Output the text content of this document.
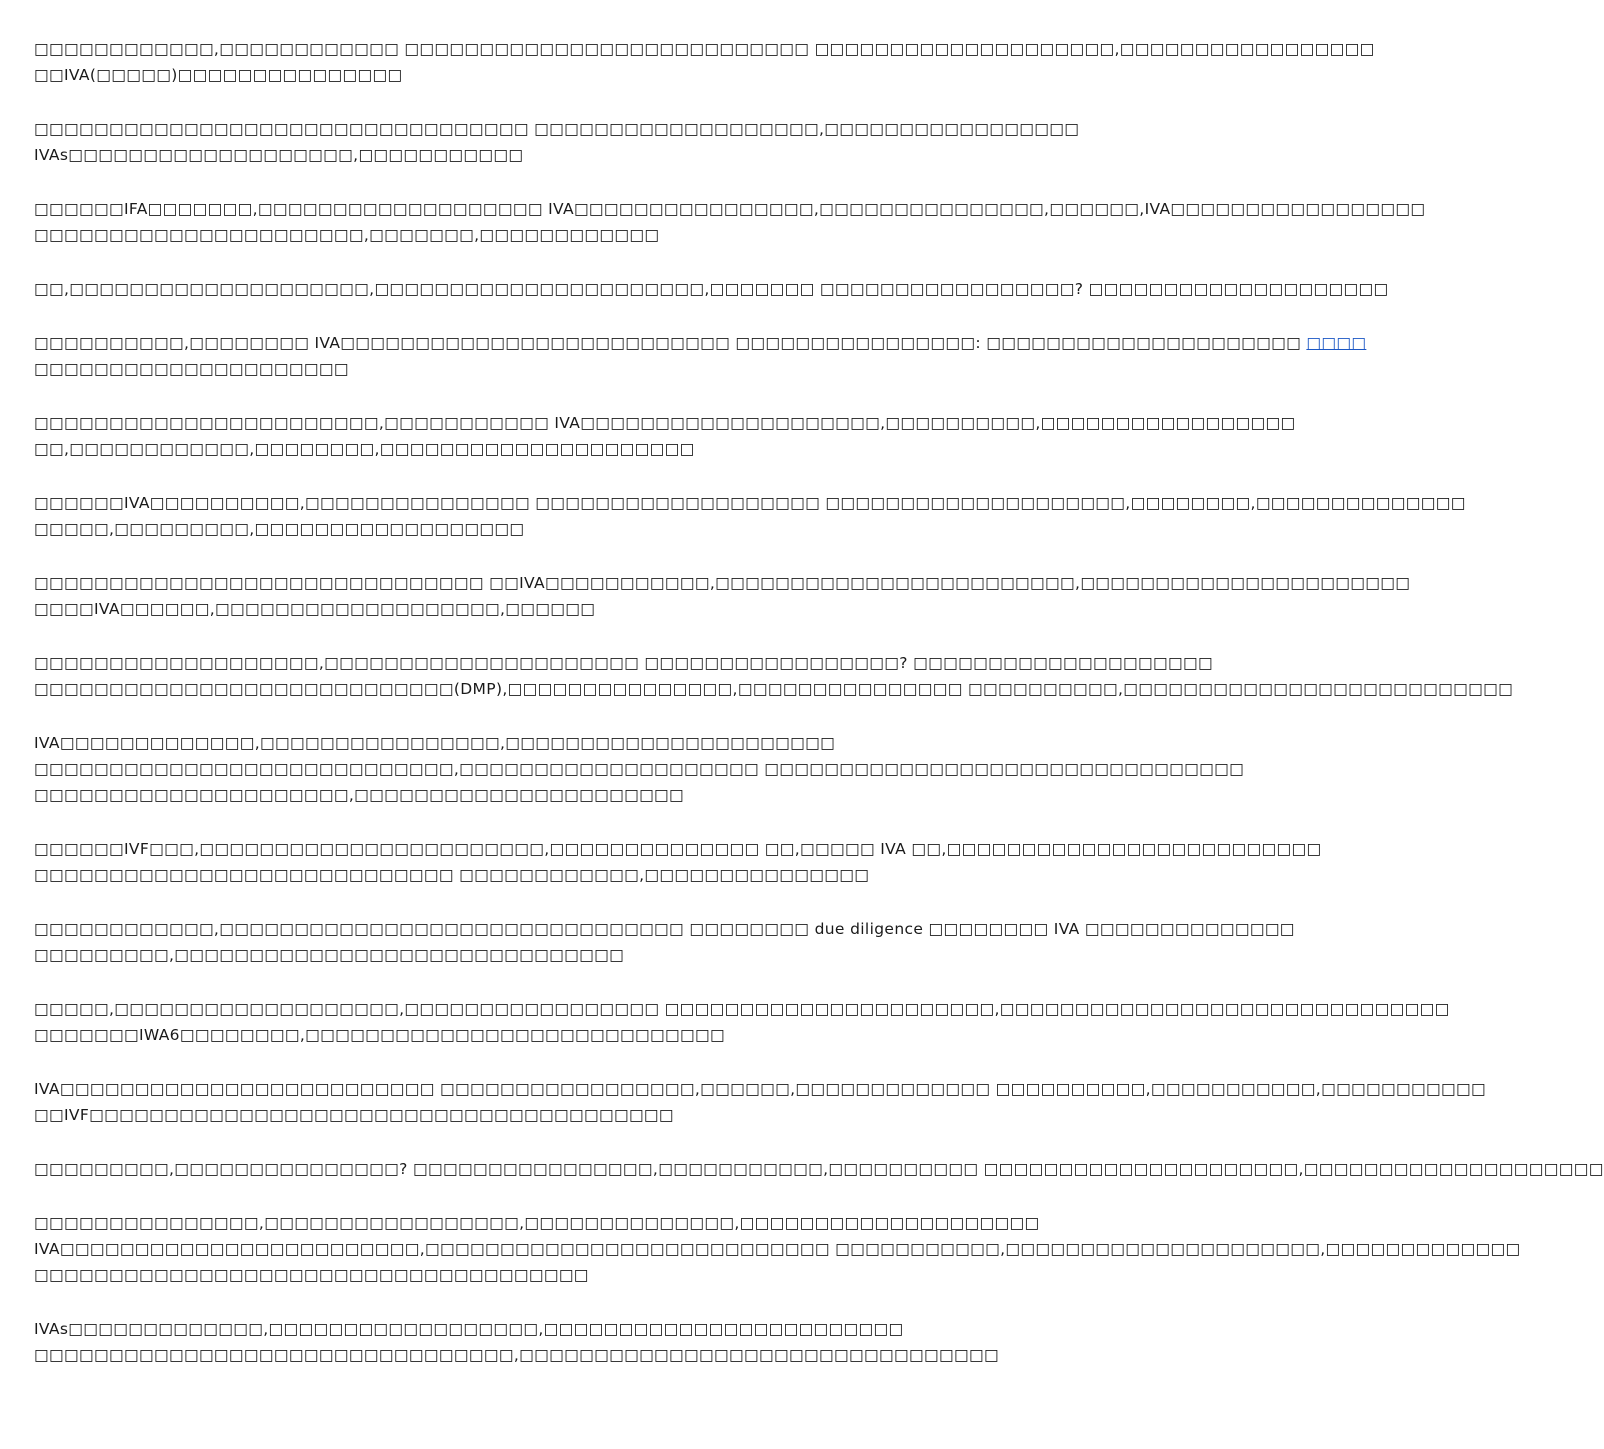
□□□□□□□□□□□□,□□□□□□□□□□□□ □□□□□□□□□□□□□□□□□□□□□□□□□□□ □□□□□□□□□□□□□□□□□□□□,□□□□□□□□□□□□□□□□□
□□IVA(□□□□□)□□□□□□□□□□□□□□□

□□□□□□□□□□□□□□□□□□□□□□□□□□□□□□□□□ □□□□□□□□□□□□□□□□□□□,□□□□□□□□□□□□□□□□□
IVAs□□□□□□□□□□□□□□□□□□□,□□□□□□□□□□□

□□□□□□IFA□□□□□□□,□□□□□□□□□□□□□□□□□□□ IVA□□□□□□□□□□□□□□□□,□□□□□□□□□□□□□□□,□□□□□□,IVA□□□□□□□□□□□□□□□□□
□□□□□□□□□□□□□□□□□□□□□□,□□□□□□□,□□□□□□□□□□□□

□□,□□□□□□□□□□□□□□□□□□□□,□□□□□□□□□□□□□□□□□□□□□□,□□□□□□□ □□□□□□□□□□□□□□□□□? □□□□□□□□□□□□□□□□□□□□

□□□□□□□□□□,□□□□□□□□ IVA□□□□□□□□□□□□□□□□□□□□□□□□□□ □□□□□□□□□□□□□□□□: □□□□□□□□□□□□□□□□□□□□□ □□□□
□□□□□□□□□□□□□□□□□□□□□

□□□□□□□□□□□□□□□□□□□□□□□,□□□□□□□□□□□ IVA□□□□□□□□□□□□□□□□□□□□,□□□□□□□□□□,□□□□□□□□□□□□□□□□□
□□,□□□□□□□□□□□□,□□□□□□□□,□□□□□□□□□□□□□□□□□□□□□

□□□□□□IVA□□□□□□□□□□,□□□□□□□□□□□□□□□ □□□□□□□□□□□□□□□□□□□ □□□□□□□□□□□□□□□□□□□□,□□□□□□□□,□□□□□□□□□□□□□□
□□□□□,□□□□□□□□□,□□□□□□□□□□□□□□□□□□

□□□□□□□□□□□□□□□□□□□□□□□□□□□□□□ □□IVA□□□□□□□□□□□,□□□□□□□□□□□□□□□□□□□□□□□□,□□□□□□□□□□□□□□□□□□□□□□
□□□□IVA□□□□□□,□□□□□□□□□□□□□□□□□□□,□□□□□□

□□□□□□□□□□□□□□□□□□□,□□□□□□□□□□□□□□□□□□□□□ □□□□□□□□□□□□□□□□□? □□□□□□□□□□□□□□□□□□□□
□□□□□□□□□□□□□□□□□□□□□□□□□□□□(DMP),□□□□□□□□□□□□□□□,□□□□□□□□□□□□□□□ □□□□□□□□□□,□□□□□□□□□□□□□□□□□□□□□□□□□□

IVA□□□□□□□□□□□□□,□□□□□□□□□□□□□□□□,□□□□□□□□□□□□□□□□□□□□□□
□□□□□□□□□□□□□□□□□□□□□□□□□□□□,□□□□□□□□□□□□□□□□□□□□ □□□□□□□□□□□□□□□□□□□□□□□□□□□□□□□□
□□□□□□□□□□□□□□□□□□□□□,□□□□□□□□□□□□□□□□□□□□□□

□□□□□□IVF□□□,□□□□□□□□□□□□□□□□□□□□□□□,□□□□□□□□□□□□□□ □□,□□□□□ IVA □□,□□□□□□□□□□□□□□□□□□□□□□□□□
□□□□□□□□□□□□□□□□□□□□□□□□□□□□ □□□□□□□□□□□□,□□□□□□□□□□□□□□□

□□□□□□□□□□□□,□□□□□□□□□□□□□□□□□□□□□□□□□□□□□□□ □□□□□□□□ due diligence □□□□□□□□ IVA □□□□□□□□□□□□□□
□□□□□□□□□,□□□□□□□□□□□□□□□□□□□□□□□□□□□□□□

□□□□□,□□□□□□□□□□□□□□□□□□□,□□□□□□□□□□□□□□□□□ □□□□□□□□□□□□□□□□□□□□□□,□□□□□□□□□□□□□□□□□□□□□□□□□□□□□□
□□□□□□□IWA6□□□□□□□□,□□□□□□□□□□□□□□□□□□□□□□□□□□□□

IVA□□□□□□□□□□□□□□□□□□□□□□□□□ □□□□□□□□□□□□□□□□□,□□□□□□,□□□□□□□□□□□□□ □□□□□□□□□□,□□□□□□□□□□□,□□□□□□□□□□□
□□IVF□□□□□□□□□□□□□□□□□□□□□□□□□□□□□□□□□□□□□□□

□□□□□□□□□,□□□□□□□□□□□□□□□? □□□□□□□□□□□□□□□□,□□□□□□□□□□□,□□□□□□□□□□ □□□□□□□□□□□□□□□□□□□□□,□□□□□□□□□□□□□□□□□□□□

□□□□□□□□□□□□□□□,□□□□□□□□□□□□□□□□□,□□□□□□□□□□□□□□,□□□□□□□□□□□□□□□□□□□□
IVA□□□□□□□□□□□□□□□□□□□□□□□□,□□□□□□□□□□□□□□□□□□□□□□□□□□□ □□□□□□□□□□□,□□□□□□□□□□□□□□□□□□□□□,□□□□□□□□□□□□□
□□□□□□□□□□□□□□□□□□□□□□□□□□□□□□□□□□□□□

IVAs□□□□□□□□□□□□□,□□□□□□□□□□□□□□□□□□,□□□□□□□□□□□□□□□□□□□□□□□□
□□□□□□□□□□□□□□□□□□□□□□□□□□□□□□□□,□□□□□□□□□□□□□□□□□□□□□□□□□□□□□□□□
